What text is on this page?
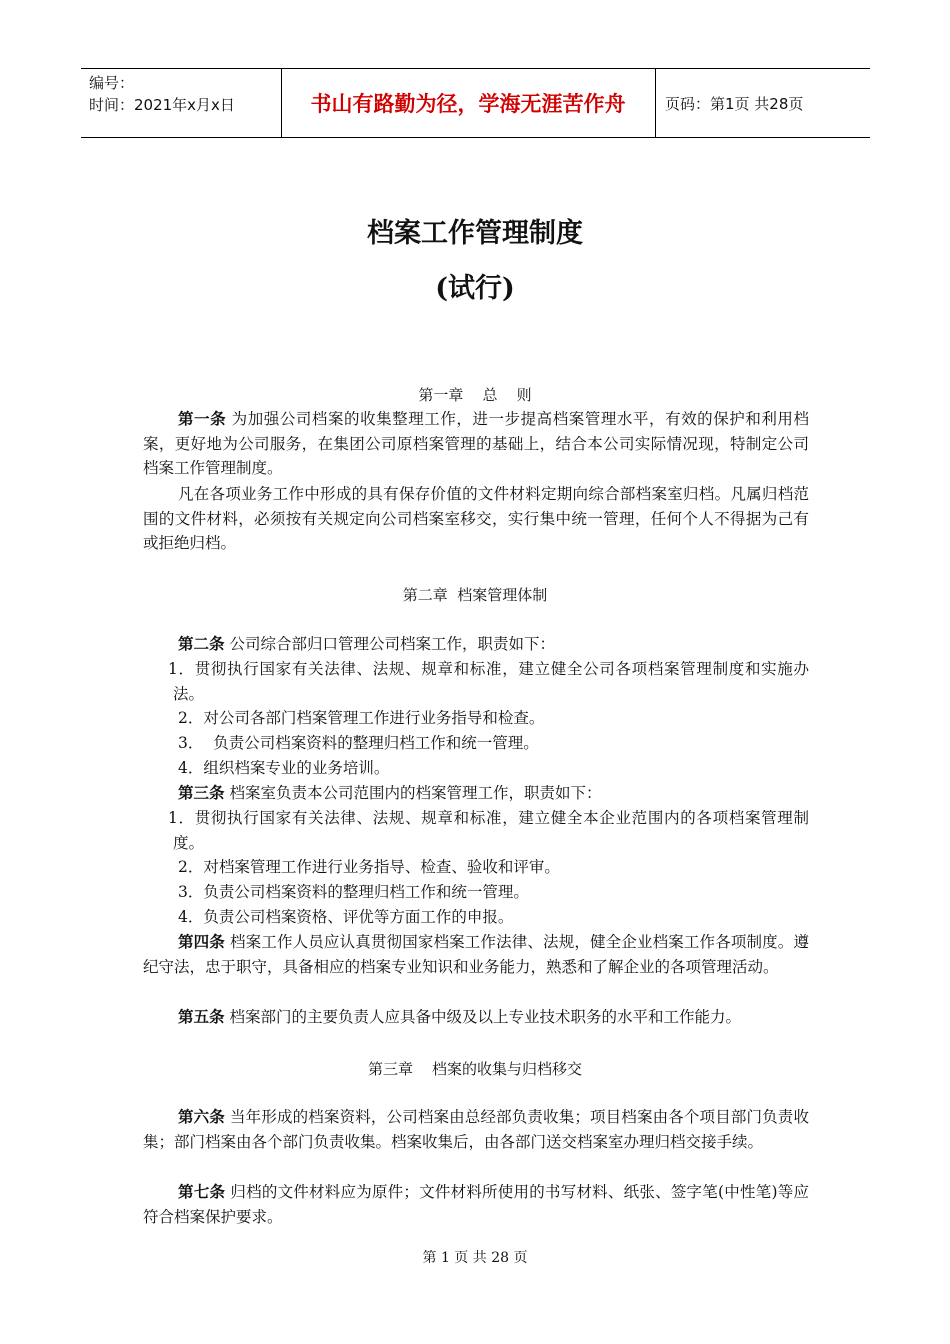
编号：
时间：2021年x月x日	书山有路勤为径，学海无涯苦作舟	页码：第1页 共28页
档案工作管理制度
(试行)
第一章    总    则
第一条 为加强公司档案的收集整理工作，进一步提高档案管理水平，有效的保护和利用档案，更好地为公司服务，在集团公司原档案管理的基础上，结合本公司实际情况现，特制定公司档案工作管理制度。
凡在各项业务工作中形成的具有保存价值的文件材料定期向综合部档案室归档。凡属归档范围的文件材料，必须按有关规定向公司档案室移交，实行集中统一管理，任何个人不得据为己有或拒绝归档。
第二章  档案管理体制
第二条 公司综合部归口管理公司档案工作，职责如下：
1．贯彻执行国家有关法律、法规、规章和标准，建立健全公司各项档案管理制度和实施办法。
2．对公司各部门档案管理工作进行业务指导和检查。
3．  负责公司档案资料的整理归档工作和统一管理。
4．组织档案专业的业务培训。
第三条 档案室负责本公司范围内的档案管理工作，职责如下：
1．贯彻执行国家有关法律、法规、规章和标准，建立健全本企业范围内的各项档案管理制度。
2．对档案管理工作进行业务指导、检查、验收和评审。
3．负责公司档案资料的整理归档工作和统一管理。
4．负责公司档案资格、评优等方面工作的申报。
第四条 档案工作人员应认真贯彻国家档案工作法律、法规，健全企业档案工作各项制度。遵纪守法，忠于职守，具备相应的档案专业知识和业务能力，熟悉和了解企业的各项管理活动。
第五条 档案部门的主要负责人应具备中级及以上专业技术职务的水平和工作能力。
第三章    档案的收集与归档移交
第六条 当年形成的档案资料，公司档案由总经部负责收集；项目档案由各个项目部门负责收集；部门档案由各个部门负责收集。档案收集后，由各部门送交档案室办理归档交接手续。
第七条 归档的文件材料应为原件；文件材料所使用的书写材料、纸张、签字笔(中性笔)等应符合档案保护要求。
第 1 页 共 28 页
